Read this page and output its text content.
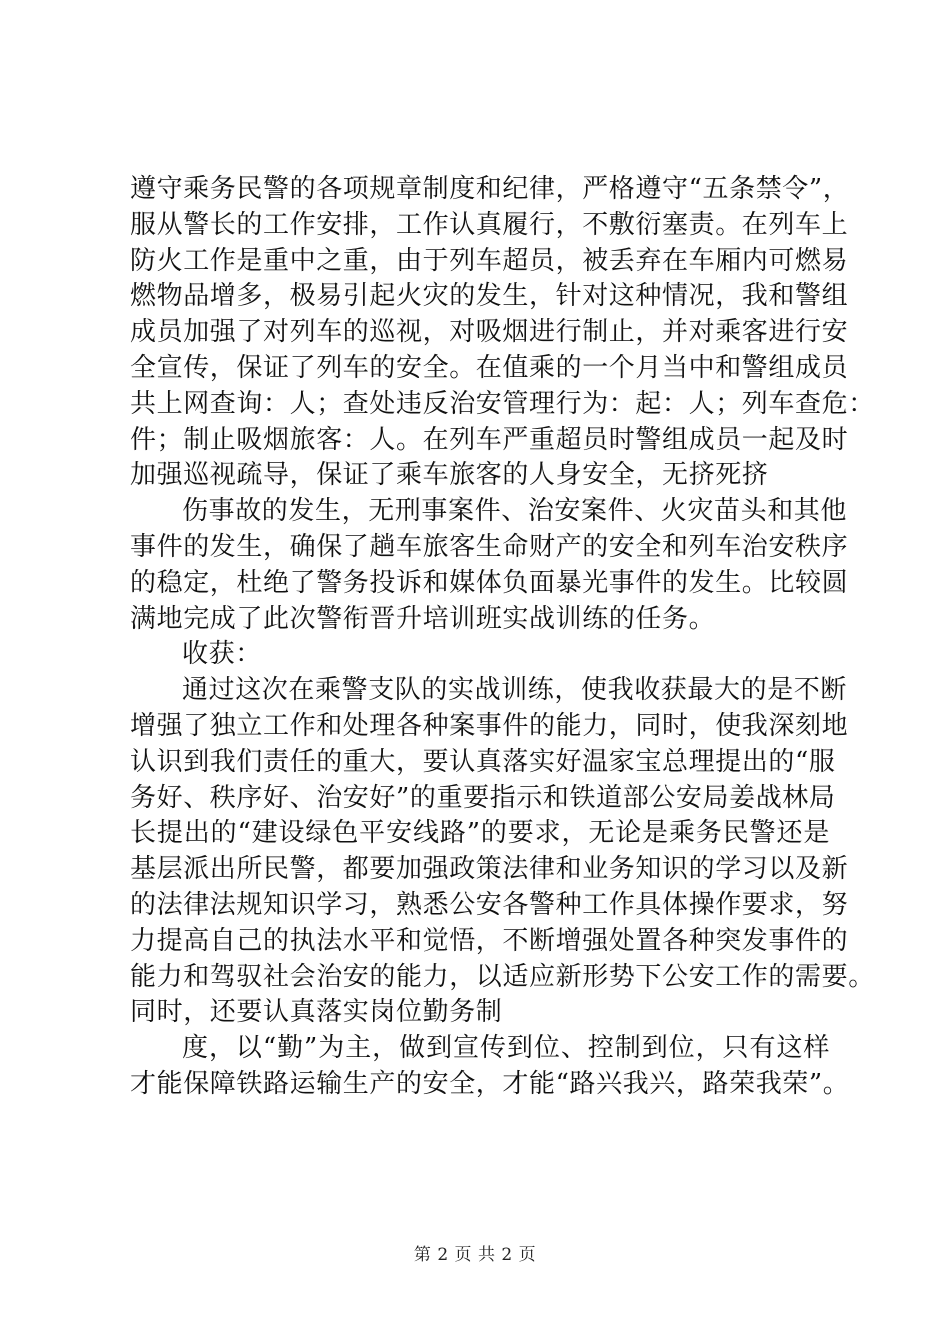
遵守乘务民警的各项规章制度和纪律，严格遵守“五条禁令”，
服从警长的工作安排，工作认真履行，不敷衍塞责。在列车上
防火工作是重中之重，由于列车超员，被丢弃在车厢内可燃易
燃物品增多，极易引起火灾的发生，针对这种情况，我和警组
成员加强了对列车的巡视，对吸烟进行制止，并对乘客进行安
全宣传，保证了列车的安全。在值乘的一个月当中和警组成员
共上网查询：人；查处违反治安管理行为：起：人；列车查危：
件；制止吸烟旅客：人。在列车严重超员时警组成员一起及时
加强巡视疏导，保证了乘车旅客的人身安全，无挤死挤
伤事故的发生，无刑事案件、治安案件、火灾苗头和其他
事件的发生，确保了趟车旅客生命财产的安全和列车治安秩序
的稳定，杜绝了警务投诉和媒体负面暴光事件的发生。比较圆
满地完成了此次警衔晋升培训班实战训练的任务。
收获：
通过这次在乘警支队的实战训练，使我收获最大的是不断
增强了独立工作和处理各种案事件的能力，同时，使我深刻地
认识到我们责任的重大，要认真落实好温家宝总理提出的“服
务好、秩序好、治安好”的重要指示和铁道部公安局姜战林局
长提出的“建设绿色平安线路”的要求，无论是乘务民警还是
基层派出所民警，都要加强政策法律和业务知识的学习以及新
的法律法规知识学习，熟悉公安各警种工作具体操作要求，努
力提高自己的执法水平和觉悟，不断增强处置各种突发事件的
能力和驾驭社会治安的能力，以适应新形势下公安工作的需要。
同时，还要认真落实岗位勤务制
度，以“勤”为主，做到宣传到位、控制到位，只有这样
才能保障铁路运输生产的安全，才能“路兴我兴，路荣我荣”。
第 2 页 共 2 页
